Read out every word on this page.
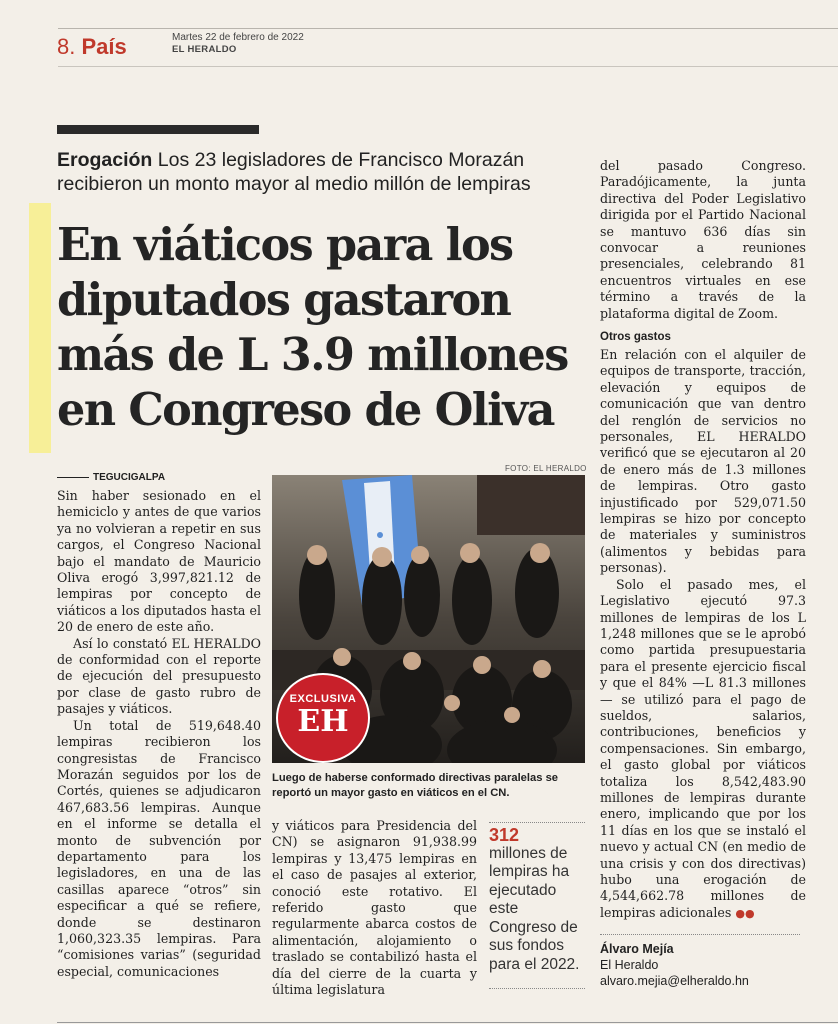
8. País	Martes 22 de febrero de 2022
EL HERALDO
Erogación Los 23 legisladores de Francisco Morazán recibieron un monto mayor al medio millón de lempiras
En viáticos para los diputados gastaron más de L 3.9 millones en Congreso de Oliva
TEGUCIGALPA

Sin haber sesionado en el hemiciclo y antes de que varios ya no volvieran a repetir en sus cargos, el Congreso Nacional bajo el mandato de Mauricio Oliva erogó 3,997,821.12 de lempiras por concepto de viáticos a los diputados hasta el 20 de enero de este año.

Así lo constató EL HERALDO de conformidad con el reporte de ejecución del presupuesto por clase de gasto rubro de pasajes y viáticos.

Un total de 519,648.40 lempiras recibieron los congresistas de Francisco Morazán seguidos por los de Cortés, quienes se adjudicaron 467,683.56 lempiras. Aunque en el informe se detalla el monto de subvención por departamento para los legisladores, en una de las casillas aparece “otros” sin especificar a qué se refiere, donde se destinaron 1,060,323.35 lempiras. Para “comisiones varias” (seguridad especial, comunicaciones

FOTO: EL HERALDO
EXCLUSIVA
EH
Luego de haberse conformado directivas paralelas se reportó un mayor gasto en viáticos en el CN.

y viáticos para Presidencia del CN) se asignaron 91,938.99 lempiras y 13,475 lempiras en el caso de pasajes al exterior, conoció este rotativo. El referido gasto que regularmente abarca costos de alimentación, alojamiento o traslado se contabilizó hasta el día del cierre de la cuarta y última legislatura

312
millones de lempiras ha ejecutado este Congreso de sus fondos para el 2022.

del pasado Congreso. Paradójicamente, la junta directiva del Poder Legislativo dirigida por el Partido Nacional se mantuvo 636 días sin convocar a reuniones presenciales, celebrando 81 encuentros virtuales en ese término a través de la plataforma digital de Zoom.

Otros gastos

En relación con el alquiler de equipos de transporte, tracción, elevación y equipos de comunicación que van dentro del renglón de servicios no personales, EL HERALDO verificó que se ejecutaron al 20 de enero más de 1.3 millones de lempiras. Otro gasto injustificado por 529,071.50 lempiras se hizo por concepto de materiales y suministros (alimentos y bebidas para personas).

Solo el pasado mes, el Legislativo ejecutó 97.3 millones de lempiras de los L 1,248 millones que se le aprobó como partida presupuestaria para el presente ejercicio fiscal y que el 84% —L 81.3 millones— se utilizó para el pago de sueldos, salarios, contribuciones, beneficios y compensaciones. Sin embargo, el gasto global por viáticos totaliza los 8,542,483.90 millones de lempiras durante enero, implicando que por los 11 días en los que se instaló el nuevo y actual CN (en medio de una crisis y con dos directivas) hubo una erogación de 4,544,662.78 millones de lempiras adicionales ●●

Álvaro Mejía
El Heraldo
alvaro.mejia@elheraldo.hn
